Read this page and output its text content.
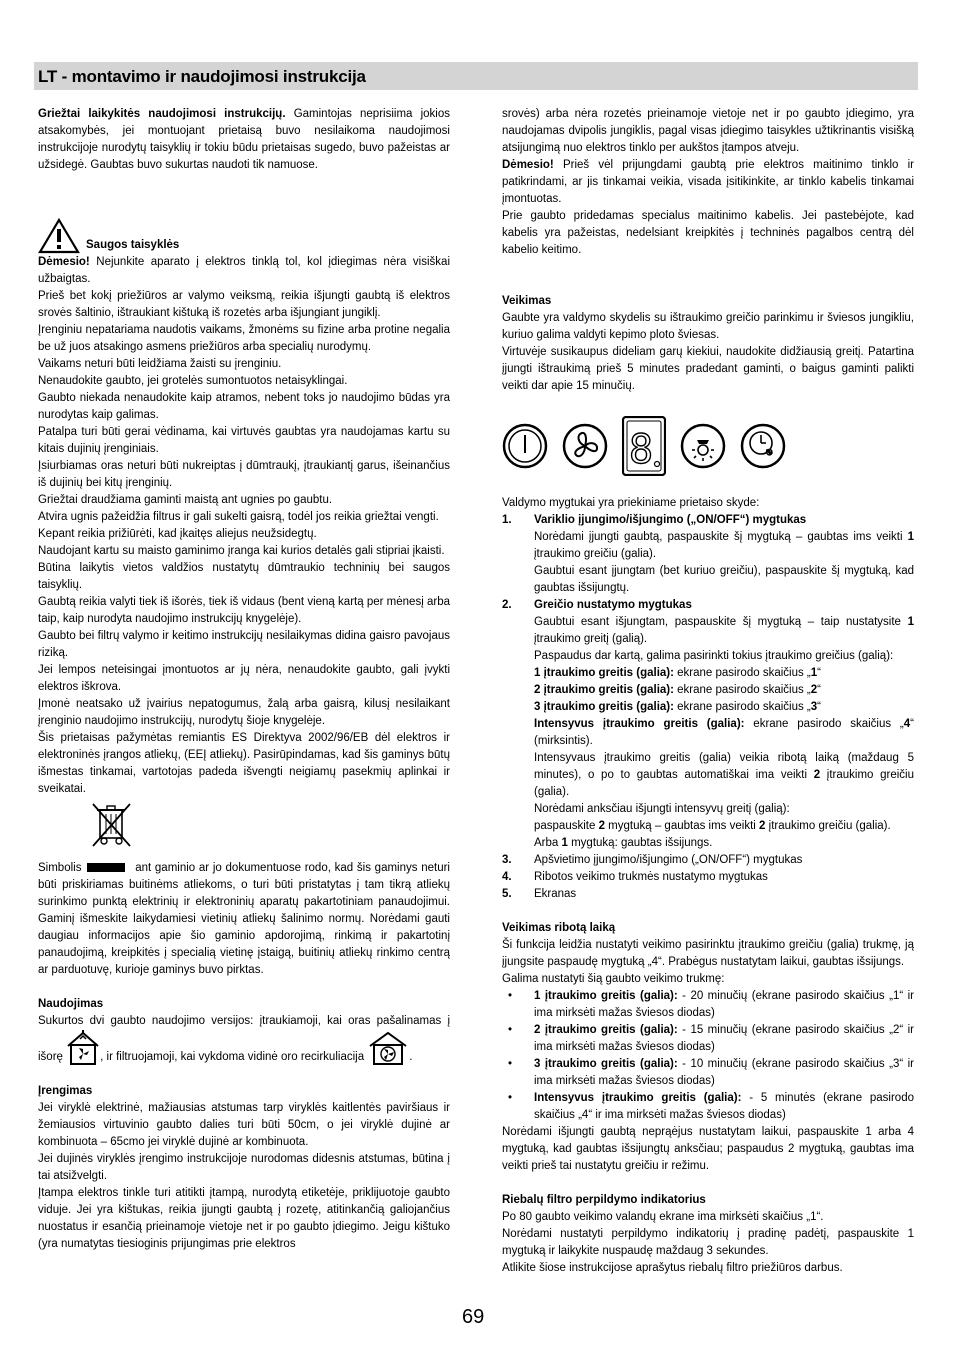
LT - montavimo ir naudojimosi instrukcija

Griežtai laikykitės naudojimosi instrukcijų. Gamintojas neprisiima jokios atsakomybės, jei montuojant prietaisą buvo nesilaikoma naudojimosi instrukcijoje nurodytų taisyklių ir tokiu būdu prietaisas sugedo, buvo pažeistas ar užsidegė. Gaubtas buvo sukurtas naudoti tik namuose.

Saugos taisyklės

Dėmesio! Nejunkite aparato į elektros tinklą tol, kol įdiegimas nėra visiškai užbaigtas.

Prieš bet kokį priežiūros ar valymo veiksmą, reikia išjungti gaubtą iš elektros srovės šaltinio, ištraukiant kištuką iš rozetės arba išjungiant jungiklį.

Įrenginiu nepatariama naudotis vaikams, žmonėms su fizine arba protine negalia be už juos atsakingo asmens priežiūros arba specialių nurodymų.

Vaikams neturi būti leidžiama žaisti su įrenginiu.

Nenaudokite gaubto, jei grotelės sumontuotos netaisyklingai.

Gaubto niekada nenaudokite kaip atramos, nebent toks jo naudojimo būdas yra nurodytas kaip galimas.

Patalpa turi būti gerai vėdinama, kai virtuvės gaubtas yra naudojamas kartu su kitais dujinių įrenginiais.

Įsiurbiamas oras neturi būti nukreiptas į dūmtraukį, įtraukiantį garus, išeinančius iš dujinių bei kitų įrenginių.

Griežtai draudžiama gaminti maistą ant ugnies po gaubtu.

Atvira ugnis pažeidžia filtrus ir gali sukelti gaisrą, todėl jos reikia griežtai vengti.

Kepant reikia prižiūrėti, kad įkaitęs aliejus neužsidegtų.

Naudojant kartu su maisto gaminimo įranga kai kurios detalės gali stipriai įkaisti.

Būtina laikytis vietos valdžios nustatytų dūmtraukio techninių bei saugos taisyklių.

Gaubtą reikia valyti tiek iš išorės, tiek iš vidaus (bent vieną kartą per mėnesį arba taip, kaip nurodyta naudojimo instrukcijų knygelėje).

Gaubto bei filtrų valymo ir keitimo instrukcijų nesilaikymas didina gaisro pavojaus riziką.

Jei lempos neteisingai įmontuotos ar jų nėra, nenaudokite gaubto, gali įvykti elektros iškrova.

Įmonė neatsako už įvairius nepatogumus, žalą arba gaisrą, kilusį nesilaikant įrenginio naudojimo instrukcijų, nurodytų šioje knygelėje.

Šis prietaisas pažymėtas remiantis ES Direktyva 2002/96/EB dėl elektros ir elektroninės įrangos atliekų, (EEĮ atliekų). Pasirūpindamas, kad šis gaminys būtų išmestas tinkamai, vartotojas padeda išvengti neigiamų pasekmių aplinkai ir sveikatai.

Simbolis	ant gaminio ar jo dokumentuose rodo, kad šis gaminys neturi būti priskiriamas buitinėms atliekoms, o turi būti pristatytas į tam tikrą atliekų surinkimo punktą elektrinių ir elektroninių aparatų pakartotiniam panaudojimui. Gaminį išmeskite laikydamiesi vietinių atliekų šalinimo normų. Norėdami gauti daugiau informacijos apie šio gaminio apdorojimą, rinkimą ir pakartotinį panaudojimą, kreipkitės į specialią vietinę įstaigą, buitinių atliekų rinkimo centrą ar parduotuvę, kurioje gaminys buvo pirktas.

Naudojimas

Sukurtos dvi gaubto naudojimo versijos: įtraukiamoji, kai oras pašalinamas į išorę	, ir filtruojamoji, kai vykdoma vidinė oro recirkuliacija	.

Įrengimas

Jei viryklė elektrinė, mažiausias atstumas tarp viryklės kaitlentės paviršiaus ir žemiausios virtuvinio gaubto dalies turi būti 50cm, o jei viryklė dujinė ar kombinuota – 65cmo jei viryklė dujinė ar kombinuota.

Jei dujinės viryklės įrengimo instrukcijoje nurodomas didesnis atstumas, būtina į tai atsižvelgti.

Įtampa elektros tinkle turi atitikti įtampą, nurodytą etiketėje, priklijuotoje gaubto viduje. Jei yra kištukas, reikia įjungti gaubtą į rozetę, atitinkančią galiojančius nuostatus ir esančią prieinamoje vietoje net ir po gaubto įdiegimo. Jeigu kištuko (yra numatytas tiesioginis prijungimas prie elektros

srovės) arba nėra rozetės prieinamoje vietoje net ir po gaubto įdiegimo, yra naudojamas dvipolis jungiklis, pagal visas įdiegimo taisykles užtikrinantis visišką atsijungimą nuo elektros tinklo per aukštos įtampos atveju.

Dėmesio! Prieš vėl prijungdami gaubtą prie elektros maitinimo tinklo ir patikrindami, ar jis tinkamai veikia, visada įsitikinkite, ar tinklo kabelis tinkamai įmontuotas.

Prie gaubto pridedamas specialus maitinimo kabelis. Jei pastebėjote, kad kabelis yra pažeistas, nedelsiant kreipkitės į techninės pagalbos centrą dėl kabelio keitimo.

Veikimas

Gaubte yra valdymo skydelis su ištraukimo greičio parinkimu ir šviesos jungikliu, kuriuo galima valdyti kepimo ploto šviesas.

Virtuvėje susikaupus dideliam garų kiekiui, naudokite didžiausią greitį. Patartina įjungti ištraukimą prieš 5 minutes pradedant gaminti, o baigus gaminti palikti veikti dar apie 15 minučių.

8

Valdymo mygtukai yra priekiniame prietaiso skyde:

1.	Variklio įjungimo/išjungimo („ON/OFF“) mygtukas

Norėdami įjungti gaubtą, paspauskite šį mygtuką – gaubtas ims veikti 1 įtraukimo greičiu (galia).

Gaubtui esant įjungtam (bet kuriuo greičiu), paspauskite šį mygtuką, kad gaubtas išsijungtų.

2.	Greičio nustatymo mygtukas

Gaubtui esant išjungtam, paspauskite šį mygtuką – taip nustatysite 1 įtraukimo greitį (galią).

Paspaudus dar kartą, galima pasirinkti tokius įtraukimo greičius (galią):

1 įtraukimo greitis (galia): ekrane pasirodo skaičius „1“

2 įtraukimo greitis (galia): ekrane pasirodo skaičius „2“

3 įtraukimo greitis (galia): ekrane pasirodo skaičius „3“

Intensyvus įtraukimo greitis (galia): ekrane pasirodo skaičius „4“ (mirksintis).

Intensyvaus įtraukimo greitis (galia) veikia ribotą laiką (maždaug 5 minutes), o po to gaubtas automatiškai ima veikti 2 įtraukimo greičiu (galia).

Norėdami anksčiau išjungti intensyvų greitį (galią):

paspauskite 2 mygtuką – gaubtas ims veikti 2 įtraukimo greičiu (galia).

Arba 1 mygtuką: gaubtas išsijungs.

3.	Apšvietimo įjungimo/išjungimo („ON/OFF“) mygtukas
4.	Ribotos veikimo trukmės nustatymo mygtukas
5.	Ekranas

Veikimas ribotą laiką

Ši funkcija leidžia nustatyti veikimo pasirinktu įtraukimo greičiu (galia) trukmę, ją įjungsite paspaudę mygtuką „4“. Prabėgus nustatytam laikui, gaubtas išsijungs.

Galima nustatyti šią gaubto veikimo trukmę:

•	1 įtraukimo greitis (galia): - 20 minučių (ekrane pasirodo skaičius „1“ ir ima mirksėti mažas šviesos diodas)
•	2 įtraukimo greitis (galia): - 15 minučių (ekrane pasirodo skaičius „2“ ir ima mirksėti mažas šviesos diodas)
•	3 įtraukimo greitis (galia): - 10 minučių (ekrane pasirodo skaičius „3“ ir ima mirksėti mažas šviesos diodas)
•	Intensyvus įtraukimo greitis (galia): - 5 minutės (ekrane pasirodo skaičius „4“ ir ima mirksėti mažas šviesos diodas)

Norėdami išjungti gaubtą neprąėjus nustatytam laikui, paspauskite 1 arba 4 mygtuką, kad gaubtas išsijungtų anksčiau; paspaudus 2 mygtuką, gaubtas ima veikti prieš tai nustatytu greičiu ir režimu.

Riebalų filtro perpildymo indikatorius

Po 80 gaubto veikimo valandų ekrane ima mirksėti skaičius „1“.

Norėdami nustatyti perpildymo indikatorių į pradinę padėtį, paspauskite 1 mygtuką ir laikykite nuspaudę maždaug 3 sekundes.

Atlikite šiose instrukcijose aprašytus riebalų filtro priežiūros darbus.

69
